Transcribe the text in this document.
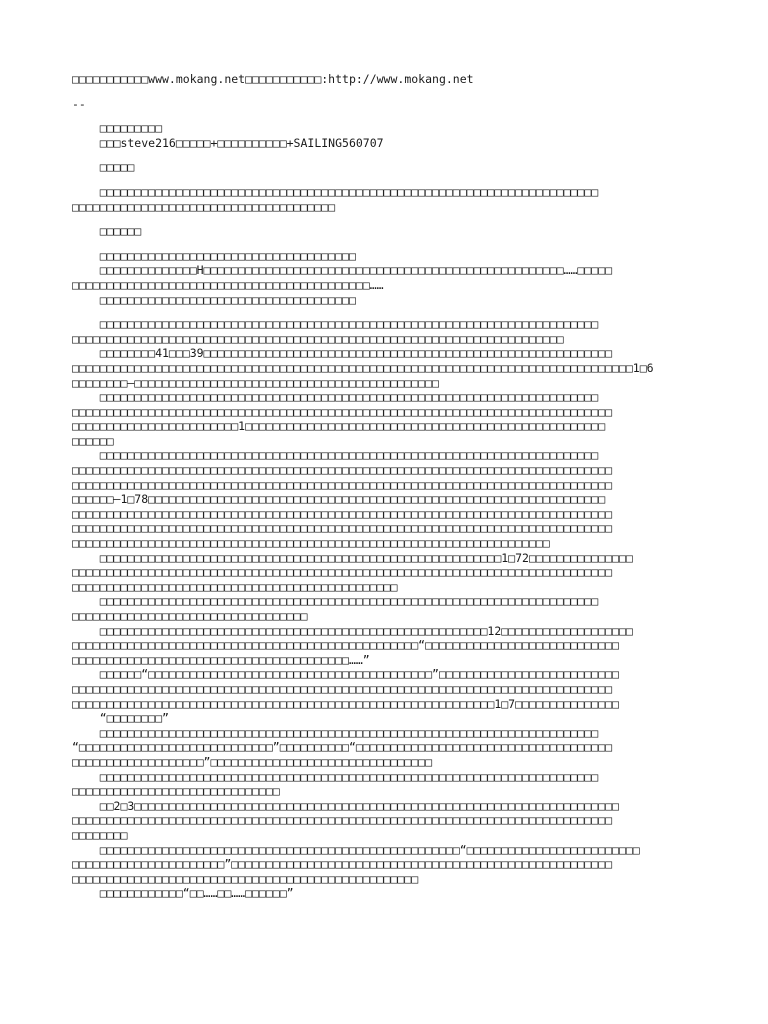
□□□□□□□□□□□www.mokang.net□□□□□□□□□□□:http://www.mokang.net
--
□□□□□□□□□
□□□steve216□□□□□+□□□□□□□□□□+SAILING560707
□□□□□
□□□□□□□□□□□□□□□□□□□□□□□□□□□□□□□□□□□□□□□□□□□□□□□□□□□□□□□□□□□□□□□□□□□□□□□□
□□□□□□□□□□□□□□□□□□□□□□□□□□□□□□□□□□□□□□
□□□□□□
□□□□□□□□□□□□□□□□□□□□□□□□□□□□□□□□□□□□□
□□□□□□□□□□□□□□H□□□□□□□□□□□□□□□□□□□□□□□□□□□□□□□□□□□□□□□□□□□□□□□□□□□□……□□□□□
□□□□□□□□□□□□□□□□□□□□□□□□□□□□□□□□□□□□□□□□□□□……
□□□□□□□□□□□□□□□□□□□□□□□□□□□□□□□□□□□□□
□□□□□□□□□□□□□□□□□□□□□□□□□□□□□□□□□□□□□□□□□□□□□□□□□□□□□□□□□□□□□□□□□□□□□□□□
□□□□□□□□□□□□□□□□□□□□□□□□□□□□□□□□□□□□□□□□□□□□□□□□□□□□□□□□□□□□□□□□□□□□□□□
□□□□□□□□41□□□39□□□□□□□□□□□□□□□□□□□□□□□□□□□□□□□□□□□□□□□□□□□□□□□□□□□□□□□□□□□
□□□□□□□□□□□□□□□□□□□□□□□□□□□□□□□□□□□□□□□□□□□□□□□□□□□□□□□□□□□□□□□□□□□□□□□□□□□□□□□□□1□6
□□□□□□□□—□□□□□□□□□□□□□□□□□□□□□□□□□□□□□□□□□□□□□□□□□□□□
□□□□□□□□□□□□□□□□□□□□□□□□□□□□□□□□□□□□□□□□□□□□□□□□□□□□□□□□□□□□□□□□□□□□□□□□
□□□□□□□□□□□□□□□□□□□□□□□□□□□□□□□□□□□□□□□□□□□□□□□□□□□□□□□□□□□□□□□□□□□□□□□□□□□□□□
□□□□□□□□□□□□□□□□□□□□□□□□1□□□□□□□□□□□□□□□□□□□□□□□□□□□□□□□□□□□□□□□□□□□□□□□□□□□□
□□□□□□
□□□□□□□□□□□□□□□□□□□□□□□□□□□□□□□□□□□□□□□□□□□□□□□□□□□□□□□□□□□□□□□□□□□□□□□□
□□□□□□□□□□□□□□□□□□□□□□□□□□□□□□□□□□□□□□□□□□□□□□□□□□□□□□□□□□□□□□□□□□□□□□□□□□□□□□
□□□□□□□□□□□□□□□□□□□□□□□□□□□□□□□□□□□□□□□□□□□□□□□□□□□□□□□□□□□□□□□□□□□□□□□□□□□□□□
□□□□□□—1□78□□□□□□□□□□□□□□□□□□□□□□□□□□□□□□□□□□□□□□□□□□□□□□□□□□□□□□□□□□□□□□□□□□
□□□□□□□□□□□□□□□□□□□□□□□□□□□□□□□□□□□□□□□□□□□□□□□□□□□□□□□□□□□□□□□□□□□□□□□□□□□□□□
□□□□□□□□□□□□□□□□□□□□□□□□□□□□□□□□□□□□□□□□□□□□□□□□□□□□□□□□□□□□□□□□□□□□□□□□□□□□□□
□□□□□□□□□□□□□□□□□□□□□□□□□□□□□□□□□□□□□□□□□□□□□□□□□□□□□□□□□□□□□□□□□□□□□
□□□□□□□□□□□□□□□□□□□□□□□□□□□□□□□□□□□□□□□□□□□□□□□□□□□□□□□□□□1□72□□□□□□□□□□□□□□□
□□□□□□□□□□□□□□□□□□□□□□□□□□□□□□□□□□□□□□□□□□□□□□□□□□□□□□□□□□□□□□□□□□□□□□□□□□□□□□
□□□□□□□□□□□□□□□□□□□□□□□□□□□□□□□□□□□□□□□□□□□□□□□
□□□□□□□□□□□□□□□□□□□□□□□□□□□□□□□□□□□□□□□□□□□□□□□□□□□□□□□□□□□□□□□□□□□□□□□□
□□□□□□□□□□□□□□□□□□□□□□□□□□□□□□□□□□
□□□□□□□□□□□□□□□□□□□□□□□□□□□□□□□□□□□□□□□□□□□□□□□□□□□□□□□□12□□□□□□□□□□□□□□□□□□□
□□□□□□□□□□□□□□□□□□□□□□□□□□□□□□□□□□□□□□□□□□□□□□□□□□“□□□□□□□□□□□□□□□□□□□□□□□□□□□□
□□□□□□□□□□□□□□□□□□□□□□□□□□□□□□□□□□□□□□□□……”
□□□□□□“□□□□□□□□□□□□□□□□□□□□□□□□□□□□□□□□□□□□□□□□□”□□□□□□□□□□□□□□□□□□□□□□□□□□
□□□□□□□□□□□□□□□□□□□□□□□□□□□□□□□□□□□□□□□□□□□□□□□□□□□□□□□□□□□□□□□□□□□□□□□□□□□□□□
□□□□□□□□□□□□□□□□□□□□□□□□□□□□□□□□□□□□□□□□□□□□□□□□□□□□□□□□□□□□□1□7□□□□□□□□□□□□□□□
“□□□□□□□□”
□□□□□□□□□□□□□□□□□□□□□□□□□□□□□□□□□□□□□□□□□□□□□□□□□□□□□□□□□□□□□□□□□□□□□□□□
“□□□□□□□□□□□□□□□□□□□□□□□□□□□□”□□□□□□□□□□“□□□□□□□□□□□□□□□□□□□□□□□□□□□□□□□□□□□□□
□□□□□□□□□□□□□□□□□□□”□□□□□□□□□□□□□□□□□□□□□□□□□□□□□□□□
□□□□□□□□□□□□□□□□□□□□□□□□□□□□□□□□□□□□□□□□□□□□□□□□□□□□□□□□□□□□□□□□□□□□□□□□
□□□□□□□□□□□□□□□□□□□□□□□□□□□□□□
□□2□3□□□□□□□□□□□□□□□□□□□□□□□□□□□□□□□□□□□□□□□□□□□□□□□□□□□□□□□□□□□□□□□□□□□□□□
□□□□□□□□□□□□□□□□□□□□□□□□□□□□□□□□□□□□□□□□□□□□□□□□□□□□□□□□□□□□□□□□□□□□□□□□□□□□□□
□□□□□□□□
□□□□□□□□□□□□□□□□□□□□□□□□□□□□□□□□□□□□□□□□□□□□□□□□□□□□“□□□□□□□□□□□□□□□□□□□□□□□□□
□□□□□□□□□□□□□□□□□□□□□□”□□□□□□□□□□□□□□□□□□□□□□□□□□□□□□□□□□□□□□□□□□□□□□□□□□□□□□□
□□□□□□□□□□□□□□□□□□□□□□□□□□□□□□□□□□□□□□□□□□□□□□□□□□
□□□□□□□□□□□□“□□……□□……□□□□□□”
